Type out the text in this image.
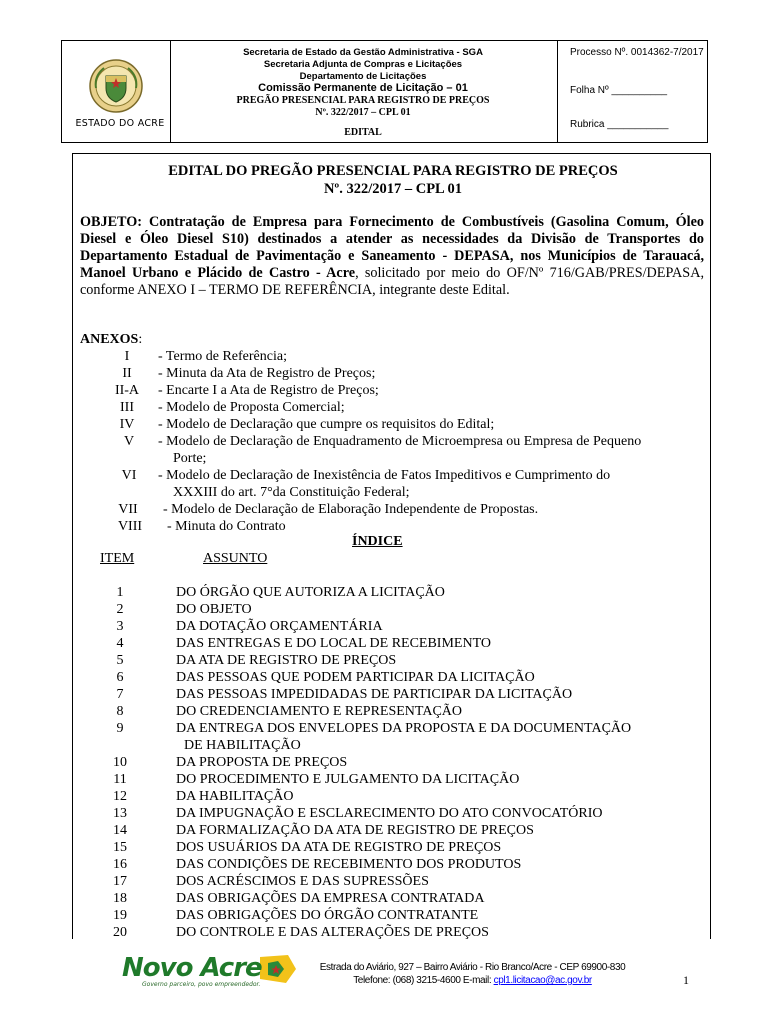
ESTADO DO ACRE
Secretaria de Estado da Gestão Administrativa - SGA
Secretaria Adjunta de Compras e Licitações
Departamento de Licitações
Comissão Permanente de Licitação – 01
PREGÃO PRESENCIAL PARA REGISTRO DE PREÇOS
Nº. 322/2017 – CPL 01
EDITAL
Processo Nº. 0014362-7/2017
Folha Nº __________
Rubrica ___________
EDITAL DO PREGÃO PRESENCIAL PARA REGISTRO DE PREÇOS
Nº. 322/2017 – CPL 01
OBJETO: Contratação de Empresa para Fornecimento de Combustíveis (Gasolina Comum, Óleo Diesel e Óleo Diesel S10) destinados a atender as necessidades da Divisão de Transportes do Departamento Estadual de Pavimentação e Saneamento - DEPASA, nos Municípios de Tarauacá, Manoel Urbano e Plácido de Castro - Acre, solicitado por meio do OF/Nº 716/GAB/PRES/DEPASA, conforme ANEXO I – TERMO DE REFERÊNCIA, integrante deste Edital.
ANEXOS:
I	- Termo de Referência;
II	- Minuta da Ata de Registro de Preços;
II-A	- Encarte I a Ata de Registro de Preços;
III	- Modelo de Proposta Comercial;
IV	- Modelo de Declaração que cumpre os requisitos do Edital;
V	- Modelo de Declaração de Enquadramento de Microempresa ou Empresa de Pequeno
Porte;
VI	- Modelo de Declaração de Inexistência de Fatos Impeditivos e Cumprimento do
XXXIII do art. 7°da Constituição Federal;
VII	- Modelo de Declaração de Elaboração Independente de Propostas.
VIII	- Minuta do Contrato
ÍNDICE
ITEM	ASSUNTO
1	DO ÓRGÃO QUE AUTORIZA A LICITAÇÃO
2	DO OBJETO
3	DA DOTAÇÃO ORÇAMENTÁRIA
4	DAS ENTREGAS E DO LOCAL DE RECEBIMENTO
5	DA ATA DE REGISTRO DE PREÇOS
6	DAS PESSOAS QUE PODEM PARTICIPAR DA LICITAÇÃO
7	DAS PESSOAS IMPEDIDADAS DE PARTICIPAR DA LICITAÇÃO
8	DO CREDENCIAMENTO E REPRESENTAÇÃO
9	DA ENTREGA DOS ENVELOPES DA PROPOSTA E DA DOCUMENTAÇÃO
DE HABILITAÇÃO
10	DA PROPOSTA DE PREÇOS
11	DO PROCEDIMENTO E JULGAMENTO DA LICITAÇÃO
12	DA HABILITAÇÃO
13	DA IMPUGNAÇÃO E ESCLARECIMENTO DO ATO CONVOCATÓRIO
14	DA FORMALIZAÇÃO DA ATA DE REGISTRO DE PREÇOS
15	DOS USUÁRIOS DA ATA DE REGISTRO DE PREÇOS
16	DAS CONDIÇÕES DE RECEBIMENTO DOS PRODUTOS
17	DOS ACRÉSCIMOS E DAS SUPRESSÕES
18	DAS OBRIGAÇÕES DA EMPRESA CONTRATADA
19	DAS OBRIGAÇÕES DO ÓRGÃO CONTRATANTE
20	DO CONTROLE E DAS ALTERAÇÕES DE PREÇOS
Novo Acre
Governo parceiro, povo empreendedor.
Estrada do Aviário, 927 – Bairro Aviário - Rio Branco/Acre - CEP 69900-830
Telefone: (068) 3215-4600 E-mail: cpl1.licitacao@ac.gov.br	1
